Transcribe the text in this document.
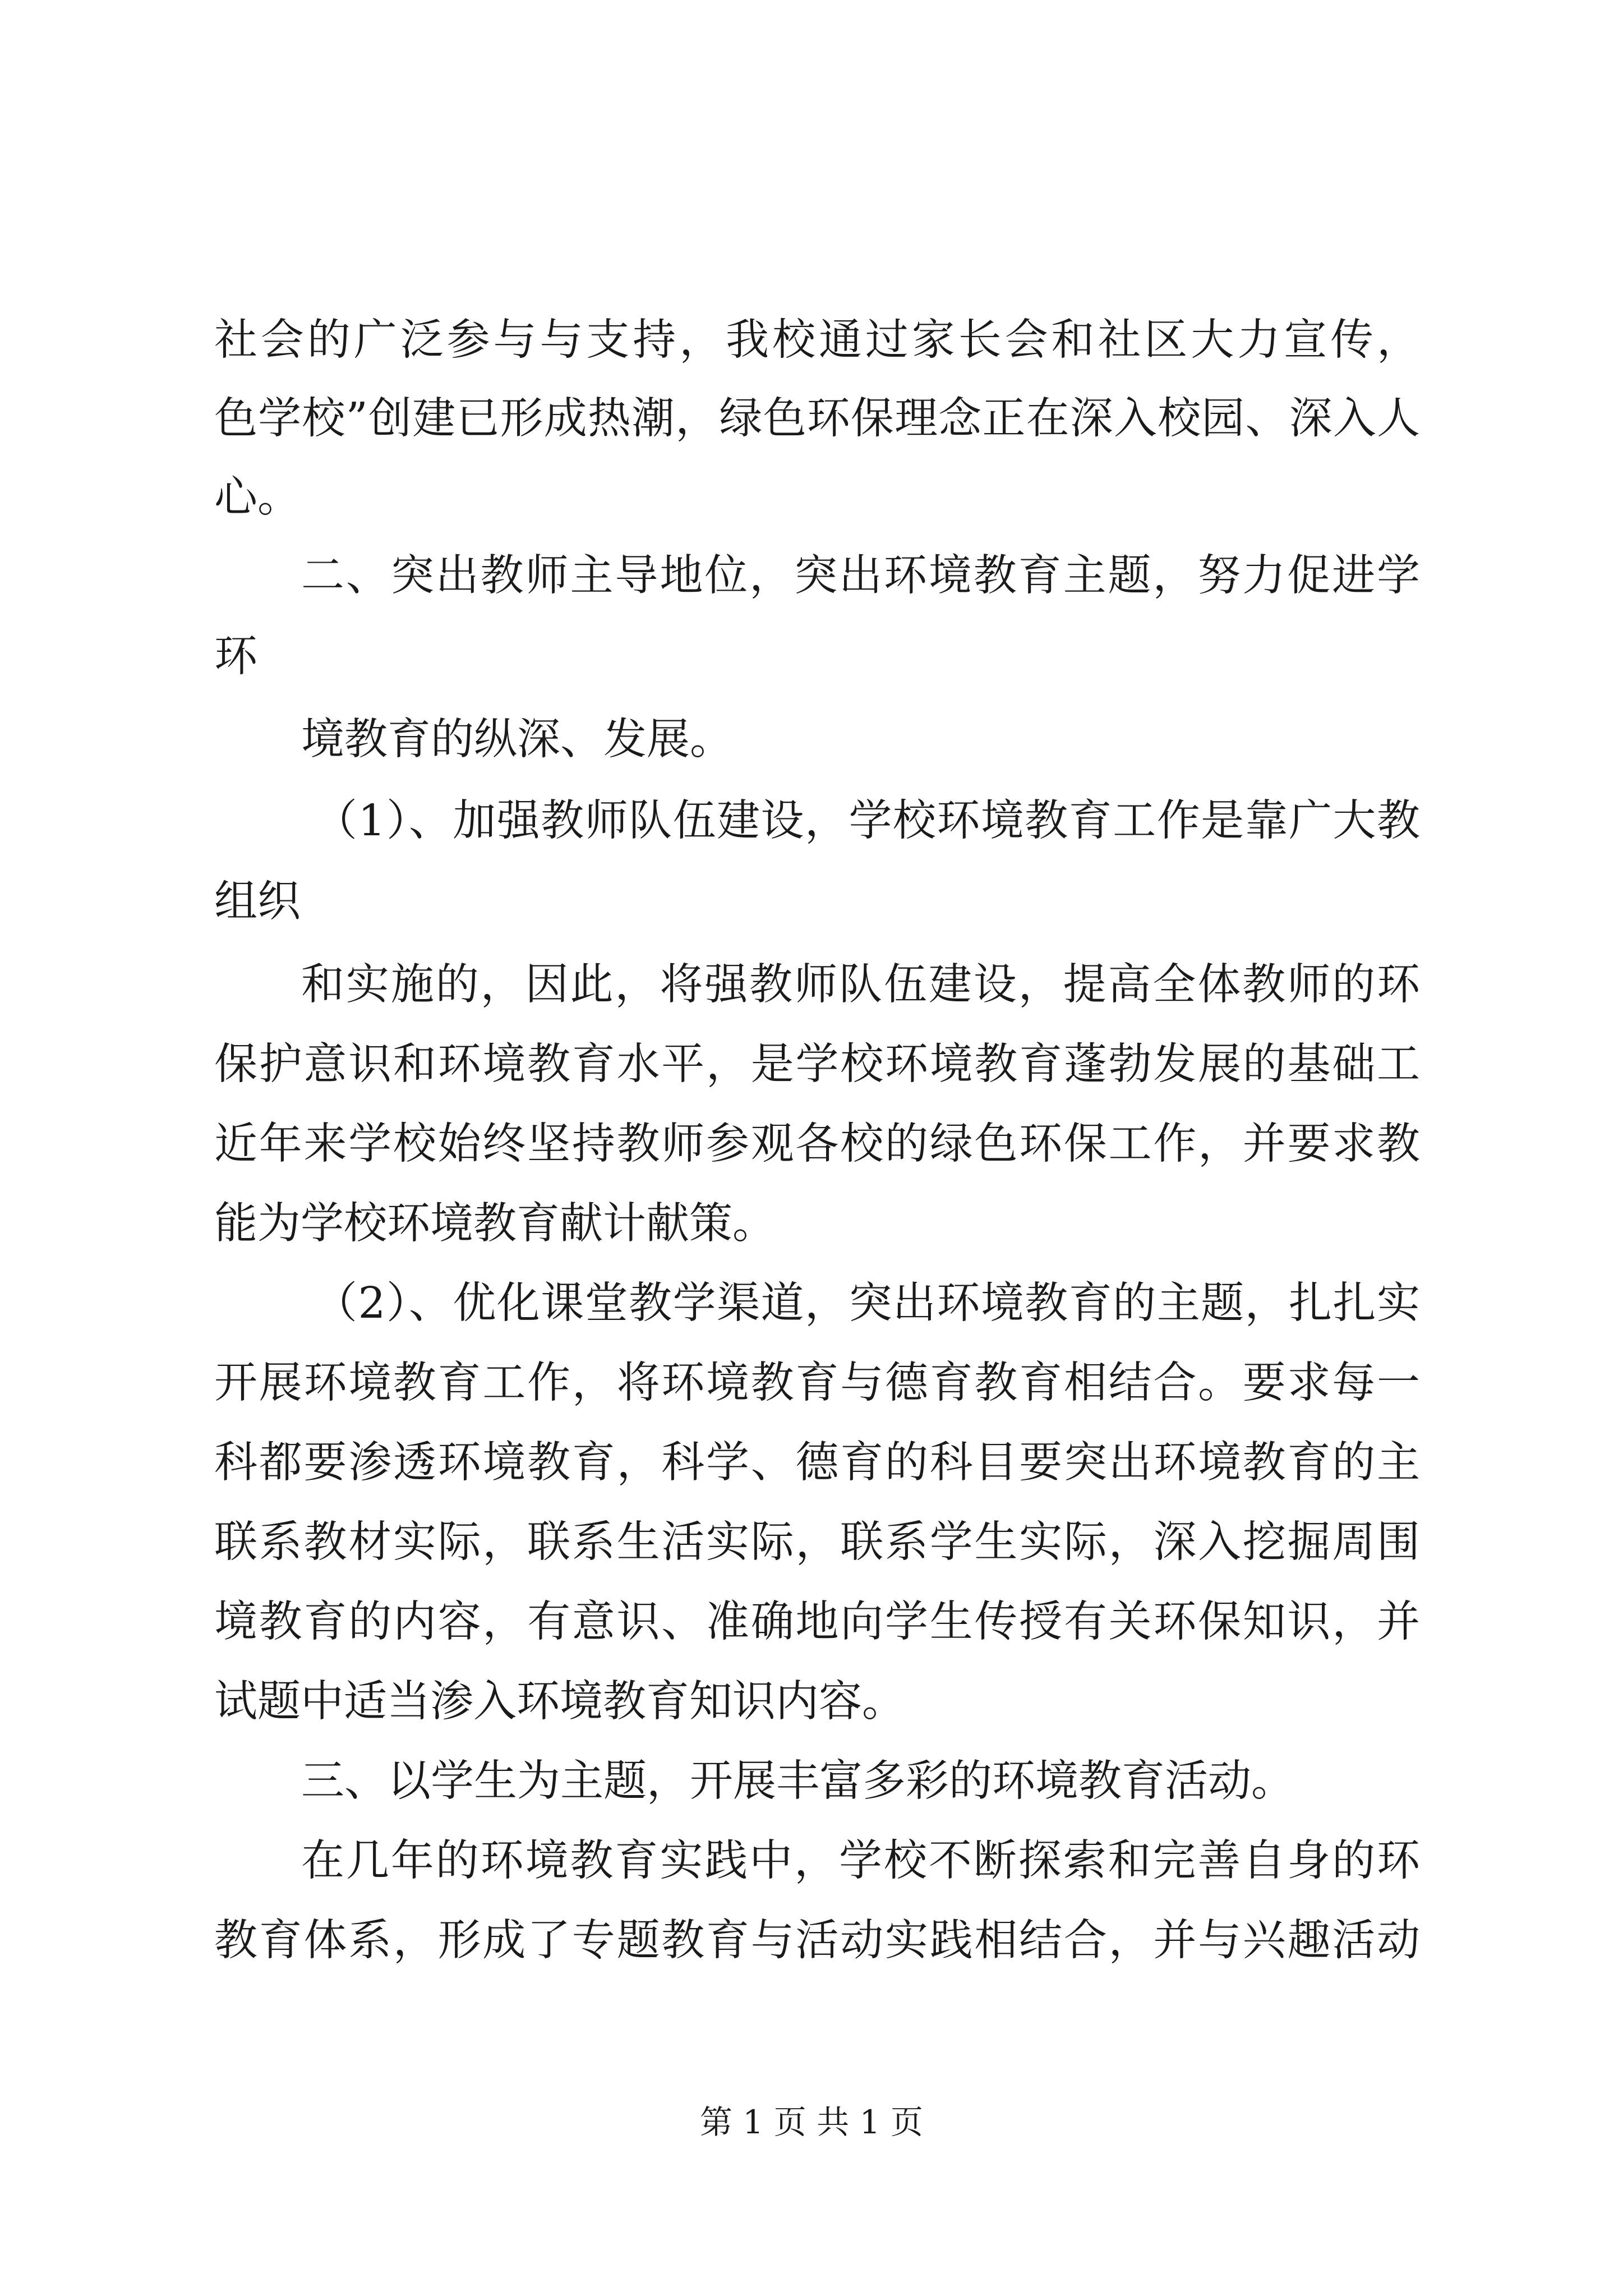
社会的广泛参与与支持，我校通过家长会和社区大力宣传，
色学校”创建已形成热潮，绿色环保理念正在深入校园、深入人
心。
二、突出教师主导地位，突出环境教育主题，努力促进学
环
境教育的纵深、发展。
（1）、加强教师队伍建设，学校环境教育工作是靠广大教
组织
和实施的，因此，将强教师队伍建设，提高全体教师的环
保护意识和环境教育水平，是学校环境教育蓬勃发展的基础工
近年来学校始终坚持教师参观各校的绿色环保工作，并要求教
能为学校环境教育献计献策。
（2）、优化课堂教学渠道，突出环境教育的主题，扎扎实
开展环境教育工作，将环境教育与德育教育相结合。要求每一
科都要渗透环境教育，科学、德育的科目要突出环境教育的主
联系教材实际，联系生活实际，联系学生实际，深入挖掘周围
境教育的内容，有意识、准确地向学生传授有关环保知识，并
试题中适当渗入环境教育知识内容。
三、以学生为主题，开展丰富多彩的环境教育活动。
在几年的环境教育实践中，学校不断探索和完善自身的环
教育体系，形成了专题教育与活动实践相结合，并与兴趣活动
第 1 页 共 1 页
